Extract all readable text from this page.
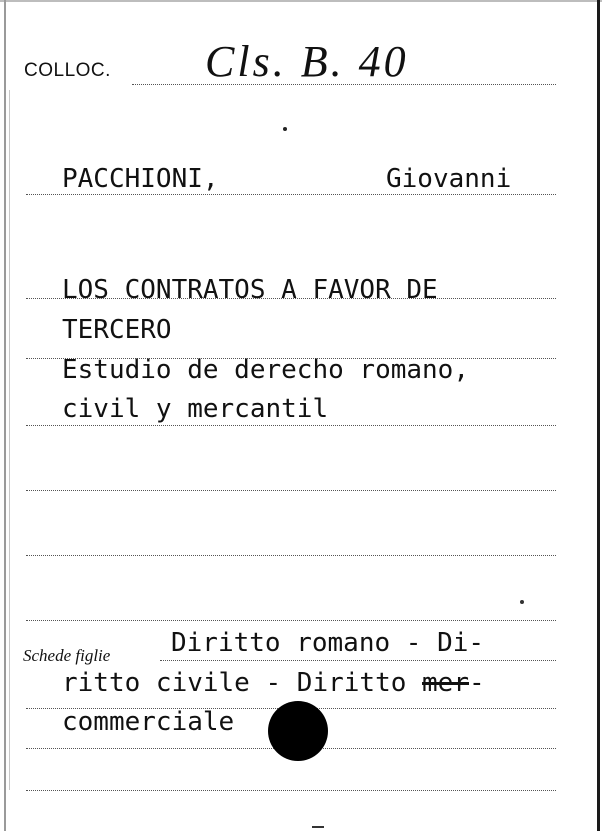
COLLOC. Cls. B. 40
PACCHIONI,	Giovanni
LOS CONTRATOS A FAVOR DE
TERCERO
Estudio de derecho romano,
civil y mercantil
Schede figlie Diritto romano - Di-
ritto civile - Diritto mer-
commerciale
